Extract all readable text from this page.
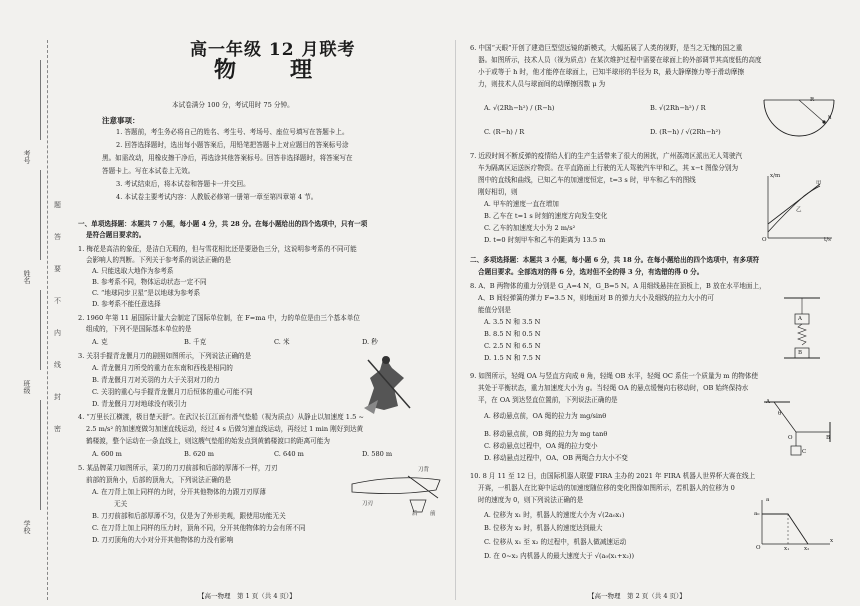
考号
姓名
班级
学校
题
答
要
不
内
线
封
密
高一年级 12 月联考
物　理
本试卷满分 100 分，考试用时 75 分钟。
注意事项：
1. 答题前，考生务必将自己的姓名、考生号、考场号、座位号填写在答题卡上。
2. 回答选择题时，选出每小题答案后，用铅笔把答题卡上对应题目的答案标号涂
黑。如需改动，用橡皮擦干净后，再选涂其他答案标号。回答非选择题时，将答案写在
答题卡上。写在本试卷上无效。
3. 考试结束后，将本试卷和答题卡一并交回。
4. 本试卷主要考试内容：人教版必修第一册第一章至第四章第 4 节。
一、单项选择题：本题共 7 小题，每小题 4 分，共 28 分。在每小题给出的四个选项中，只有一项
是符合题目要求的。
1. 梅花是高洁的象征，是洁白无瑕的，但与雪花相比还是要逊色三分，这说明参考系的不同可能
会影响人的判断。下列关于参考系的说法正确的是
A. 只能选取大地作为参考系
B. 参考系不同，物体运动状态一定不同
C. “地球同步卫星”是以地球为参考系
D. 参考系不能任意选择
2. 1960 年第 11 届国际计量大会制定了国际单位制，在 F=ma 中，力的单位是由三个基本单位
组成的，下列不是国际基本单位的是
A. 克	B. 千克	C. 米	D. 秒
3. 关羽手握青龙偃月刀的剧照如图所示，下列说法正确的是
A. 青龙偃月刀所受的重力在东南和西栈是相同的
B. 青龙偃月刀对关羽的力大于关羽对刀的力
C. 关羽的重心与手握青龙偃月刀后恒体的重心可能不同
D. 青龙偃月刀对地球没有吸引力
4. “万里长江横渡，极目楚天舒”。在武汉长江江面有滑气垫船（视为质点）从静止以加速度 1.5 ~
2.5 m/s² 的加速度做匀加速直线运动，经过 4 s 后做匀速直线运动，再经过 1 min 刚好到达黄
鹤楼渡，整个运动在一条直线上，则这艘气垫船的始发点到黄鹤楼渡口的距离可能为
A. 600 m	B. 620 m	C. 640 m	D. 580 m
5. 某品牌菜刀如图所示，菜刀的刀刃前部和后部的厚薄不一样，刀刃
前部的顶角小，后部的顶角大，下列说法正确的是
A. 在刀背上加上同样的力时，分开其他物体的力跟刀刃厚薄
无关
B. 刀刃前部和后部厚薄不匀，仅是为了外形美观，跟使用功能无关
C. 在刀背上加上同样的压力时，顶角不同，分开其他物体的力会有所不同
D. 刀刃顶角的大小对分开其他物体的力没有影响
刀背
刀刃
后 前
【高一物理　第 1 页（共 4 页）】
6. 中国“天眼”开创了建造巨型望远镜的新模式，大幅拓展了人类的视野，是当之无愧的国之重
器。如图所示，技术人员（视为质点）在某次维护过程中需要在球面上的外部调节其高度低的高度
小于或等于 h 时，他才能停在球面上，已知半球形的半径为 R，最大静摩擦力等于滑动摩擦
力，则技术人员与球面间的动摩擦因数 μ 为
A. √(2Rh−h²) / (R−h)	B. √(2Rh−h²) / R
C. (R−h) / R	D. (R−h) / √(2Rh−h²)
R
h
7. 近段时间不断反弹的疫情给人们的生产生活带来了很大的困扰，广州荔湾区派出无人驾驶汽
车为隔离区运送医疗物资。在平直路面上行驶的无人驾驶汽车甲和乙，其 x−t 图像分别为
图中的直线和曲线，已知乙车的加速度恒定，t=3 s 时，甲车和乙车的图线
刚好相切，则
A. 甲车的速度一直在增加
B. 乙车在 t=1 s 时刻的速度方向发生变化
C. 乙车的加速度大小为 2 m/s²
D. t=0 时刻甲车和乙车的距离为 13.5 m
x/m
t/s
O
甲
乙
二、多项选择题：本题共 3 小题，每小题 6 分，共 18 分。在每小题给出的四个选项中，有多项符
合题目要求。全部选对的得 6 分，选对但不全的得 3 分，有选错的得 0 分。
8. A、B 两物体的重力分别是 G_A=4 N，G_B=5 N。A 用细线悬挂在顶板上，B 放在水平地面上，
A、B 间轻弹簧的弹力 F=3.5 N，则地面对 B 的弹力大小及细线的拉力大小的可
能值分别是
A. 3.5 N 和 3.5 N
B. 8.5 N 和 0.5 N
C. 2.5 N 和 6.5 N
D. 1.5 N 和 7.5 N
A
B
9. 如图所示，轻绳 OA 与竖直方向成 θ 角，轻绳 OB 水平，轻绳 OC 系住一个质量为 m 的物体使
其处于平衡状态，重力加速度大小为 g。当轻绳 OA 的悬点缓慢向右移动时，OB 始终保持水
平，在 OA 到达竖直位置前，下列说法正确的是
A. 移动悬点前，OA 绳的拉力为 mg/sinθ
B. 移动悬点前，OB 绳的拉力为 mg tanθ
C. 移动悬点过程中，OA 绳的拉力变小
D. 移动悬点过程中，OA、OB 两绳合力大小不变
A
θ
O	B
C
10. 8 月 11 至 12 日，由国际机器人联盟 FIRA 主办的 2021 年 FIRA 机器人世界杯大赛在线上
开赛，一机器人在比赛中运动的加速度随位移的变化图像如图所示，若机器人的位移为 0
时的速度为 0，则下列说法正确的是
A. 位移为 x₁ 时，机器人的速度大小为 √(2a₀x₁)
B. 位移为 x₂ 时，机器人的速度达到最大
C. 位移从 x₁ 至 x₂ 的过程中，机器人做减速运动
D. 在 0~x₂ 内机器人的最大速度大于 √(a₀(x₁+x₂))
a
a₀
O	x₁	x₂
x
【高一物理　第 2 页（共 4 页）】
